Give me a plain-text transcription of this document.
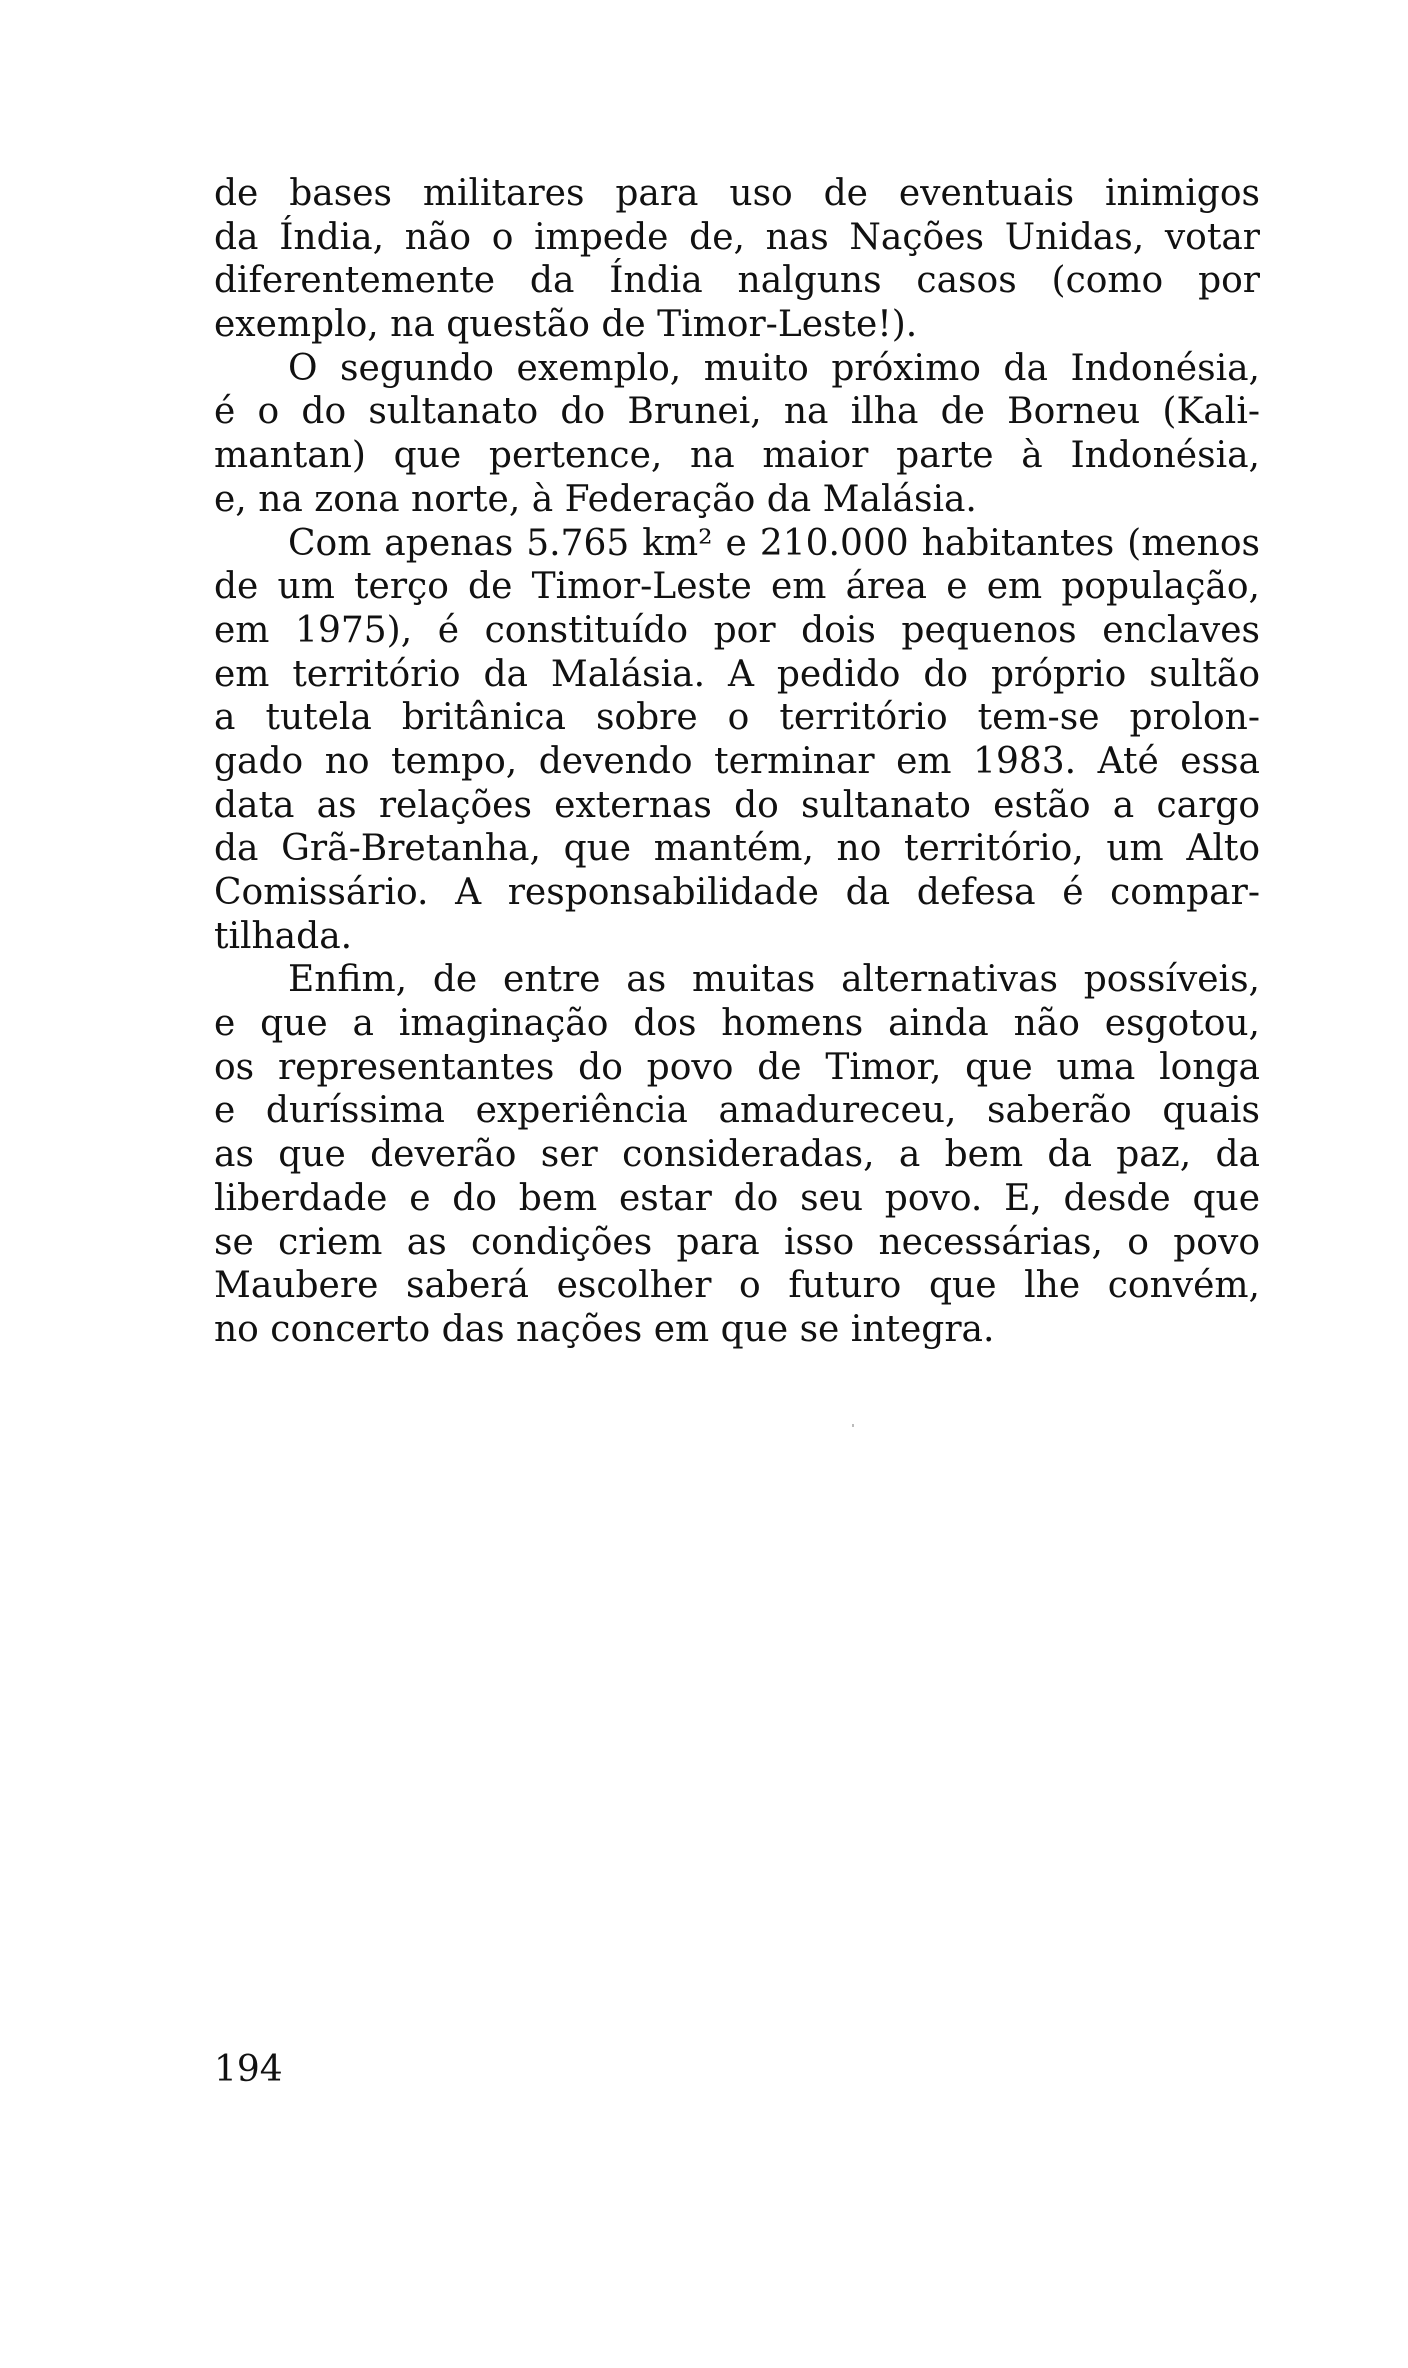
de bases militares para uso de eventuais inimigos
da Índia, não o impede de, nas Nações Unidas, votar
diferentemente da Índia nalguns casos (como por
exemplo, na questão de Timor-Leste!).

O segundo exemplo, muito próximo da Indonésia,
é o do sultanato do Brunei, na ilha de Borneu (Kali-
mantan) que pertence, na maior parte à Indonésia,
e, na zona norte, à Federação da Malásia.

Com apenas 5.765 km² e 210.000 habitantes (menos
de um terço de Timor-Leste em área e em população,
em 1975), é constituído por dois pequenos enclaves
em território da Malásia. A pedido do próprio sultão
a tutela britânica sobre o território tem-se prolon-
gado no tempo, devendo terminar em 1983. Até essa
data as relações externas do sultanato estão a cargo
da Grã-Bretanha, que mantém, no território, um Alto
Comissário. A responsabilidade da defesa é compar-
tilhada.

Enfim, de entre as muitas alternativas possíveis,
e que a imaginação dos homens ainda não esgotou,
os representantes do povo de Timor, que uma longa
e duríssima experiência amadureceu, saberão quais
as que deverão ser consideradas, a bem da paz, da
liberdade e do bem estar do seu povo. E, desde que
se criem as condições para isso necessárias, o povo
Maubere saberá escolher o futuro que lhe convém,
no concerto das nações em que se integra.

194
